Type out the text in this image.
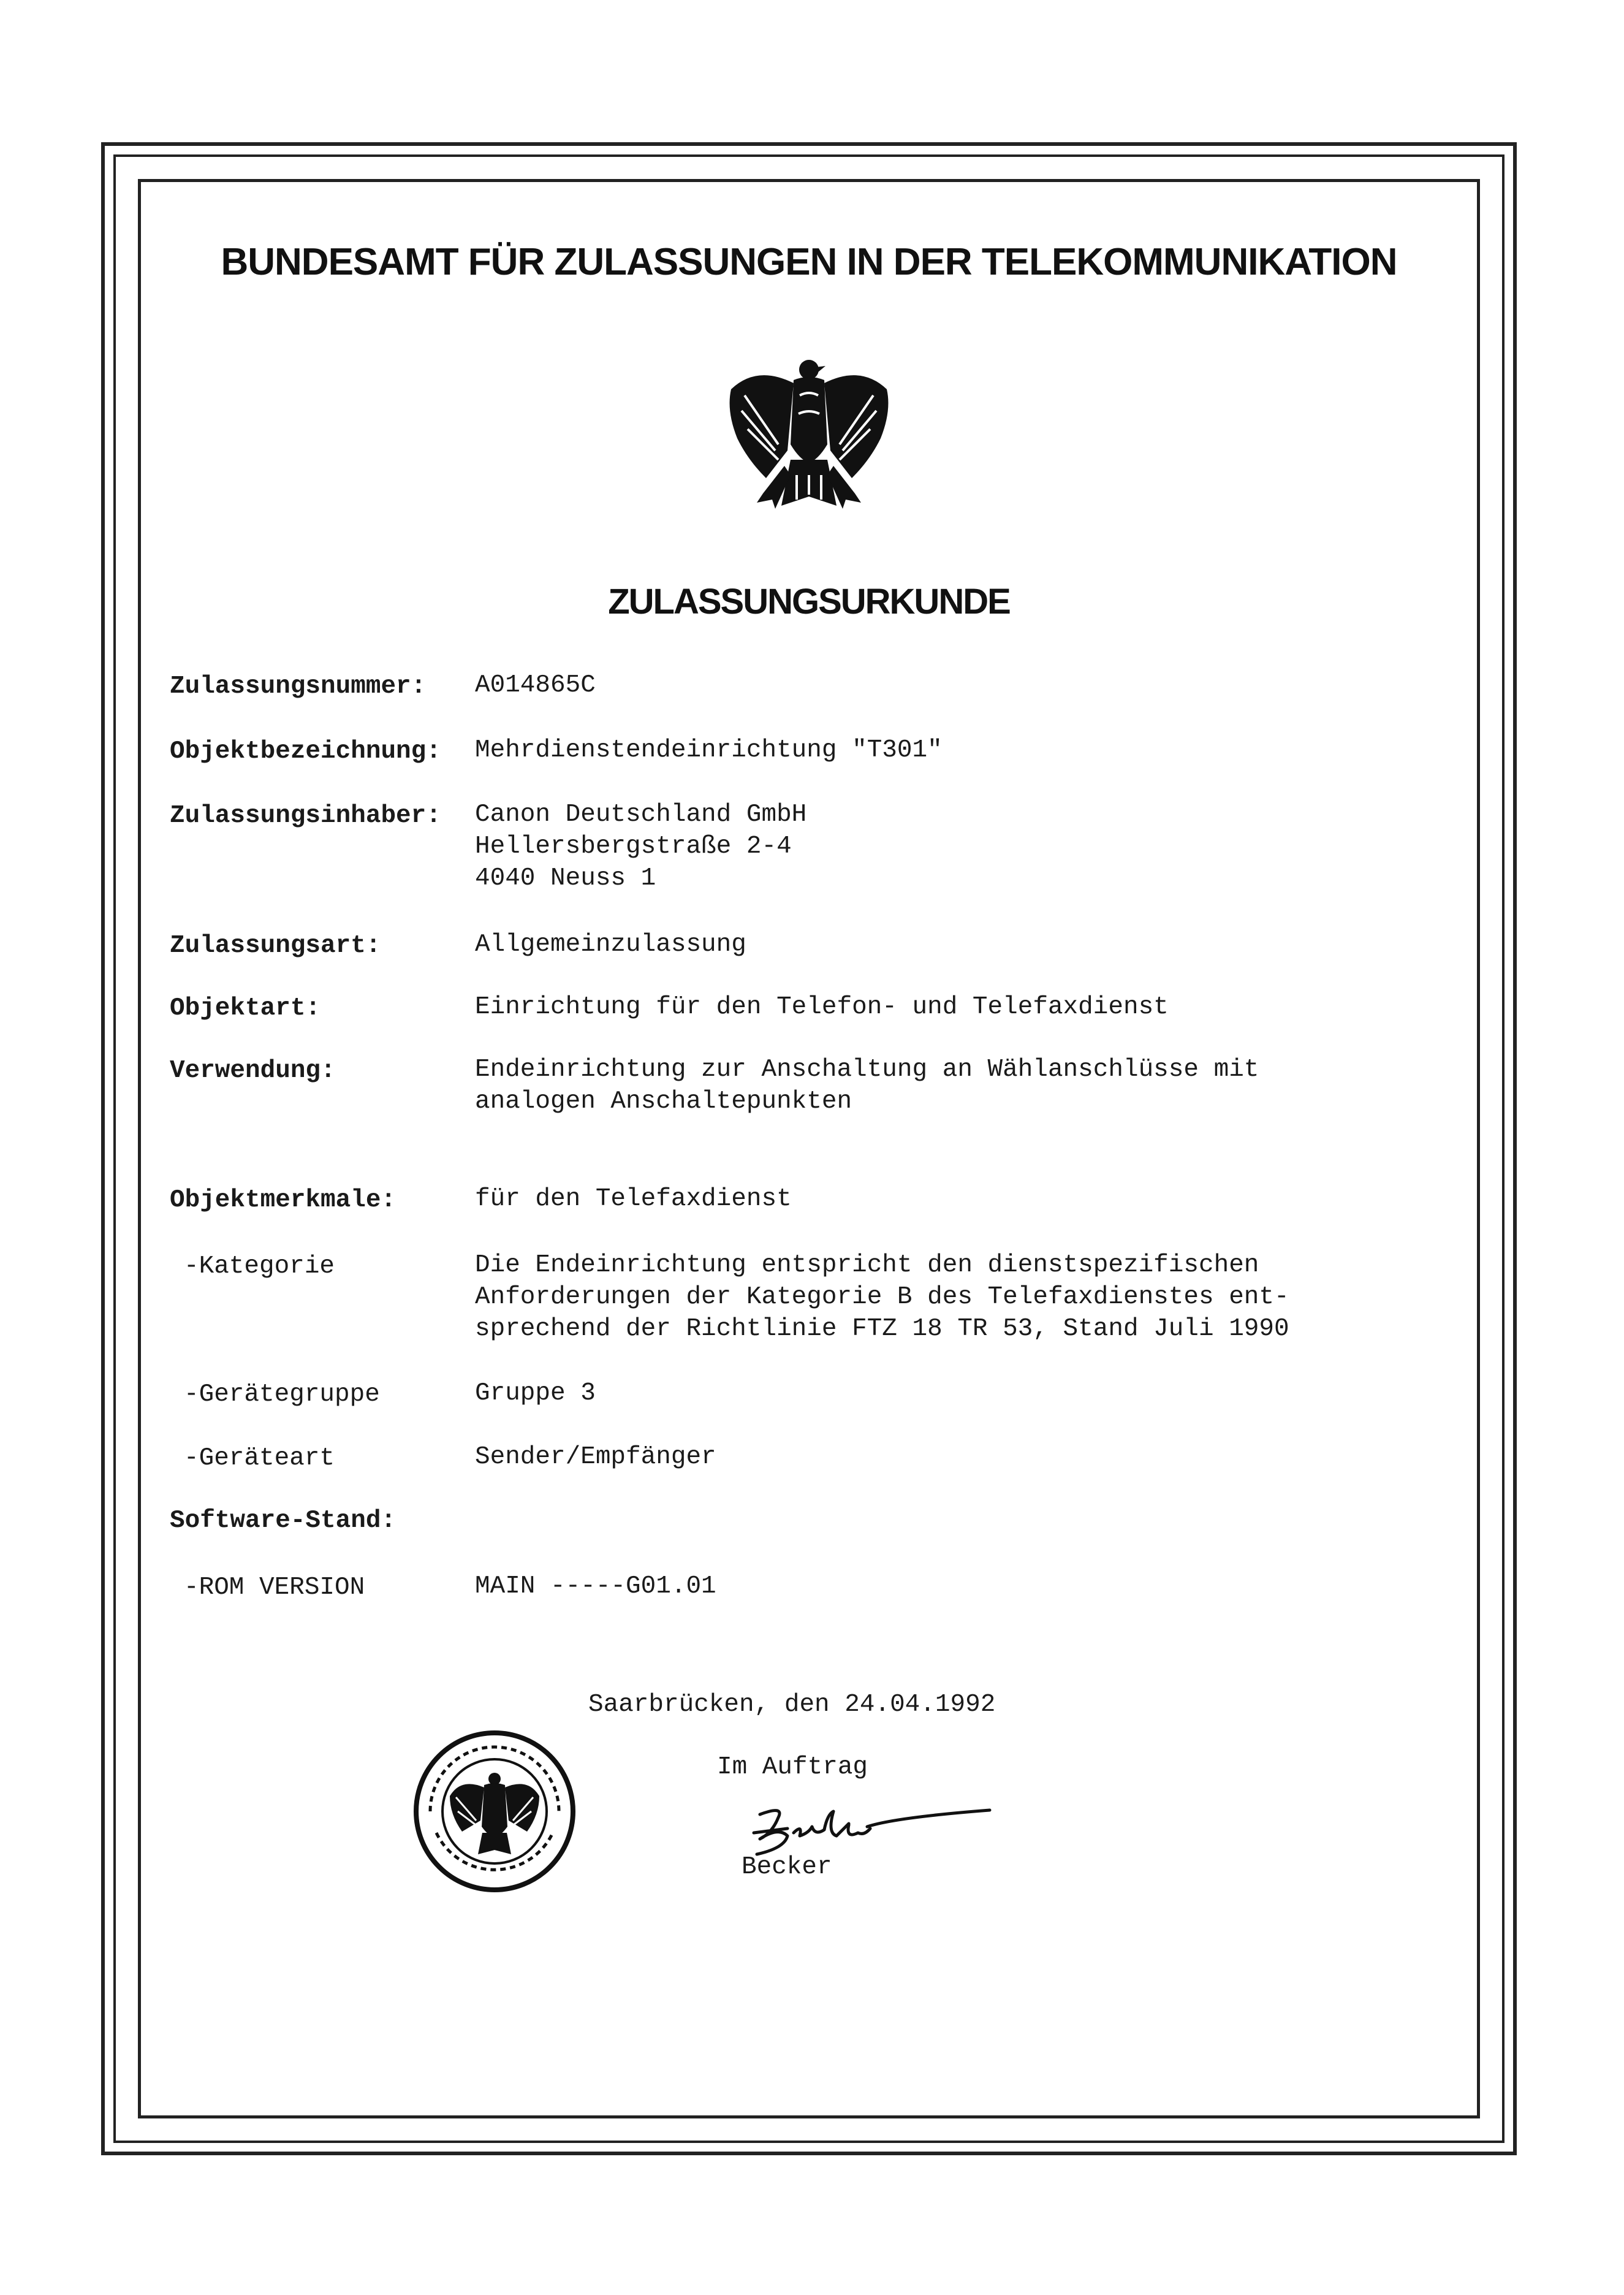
BUNDESAMT FÜR ZULASSUNGEN IN DER TELEKOMMUNIKATION
ZULASSUNGSURKUNDE
Zulassungsnummer: A014865C
Objektbezeichnung: Mehrdienstendeinrichtung "T301"
Zulassungsinhaber: Canon Deutschland GmbH
Hellersbergstraße 2-4
4040 Neuss 1
Zulassungsart:	Allgemeinzulassung
Objektart:	Einrichtung für den Telefon- und Telefaxdienst
Verwendung:	Endeinrichtung zur Anschaltung an Wählanschlüsse mit
analogen Anschaltepunkten
Objektmerkmale:	für den Telefaxdienst
-Kategorie	Die Endeinrichtung entspricht den dienstspezifischen
Anforderungen der Kategorie B des Telefaxdienstes ent-
sprechend der Richtlinie FTZ 18 TR 53, Stand Juli 1990
-Gerätegruppe	Gruppe 3
-Geräteart	Sender/Empfänger
Software-Stand:
-ROM VERSION	MAIN -----G01.01
Saarbrücken, den 24.04.1992
Im Auftrag
Becker
